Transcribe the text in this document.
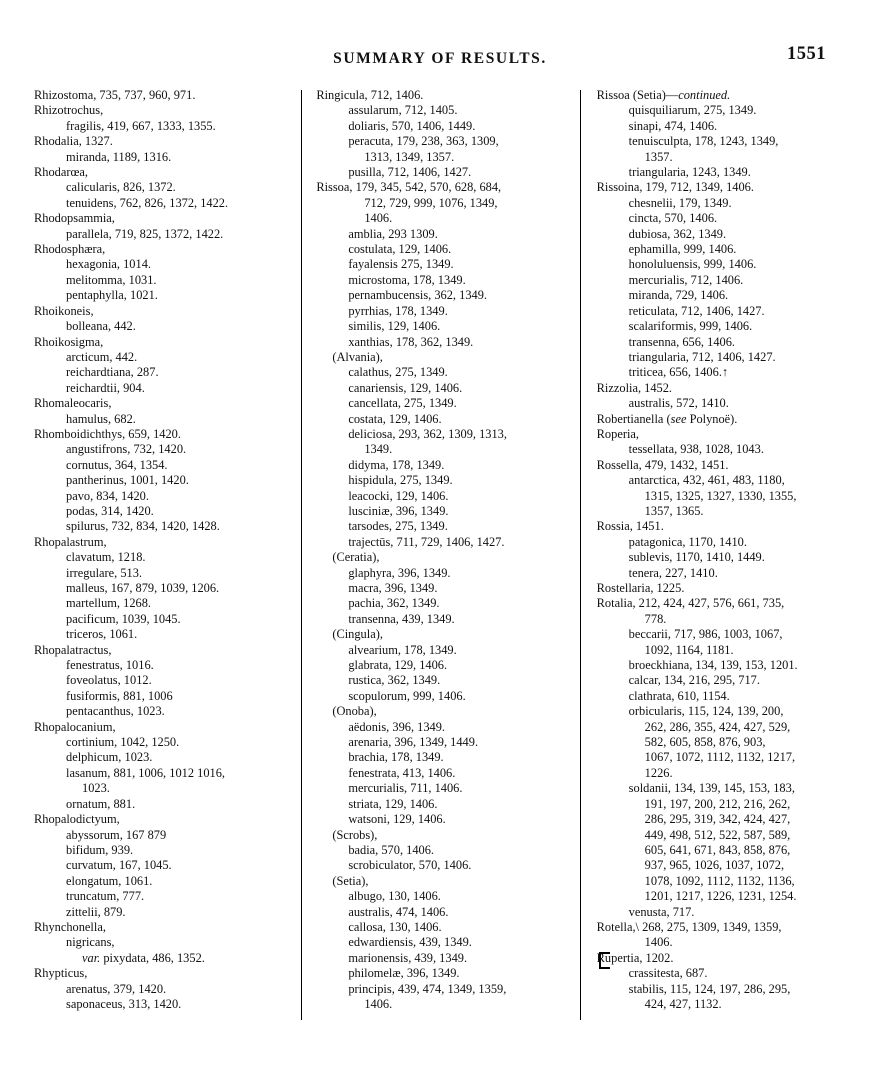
SUMMARY OF RESULTS.	1551
Rhizostoma, 735, 737, 960, 971.
Rhizotrochus,
fragilis, 419, 667, 1333, 1355.
Rhodalia, 1327.
miranda, 1189, 1316.
Rhodarœa,
calicularis, 826, 1372.
tenuidens, 762, 826, 1372, 1422.
Rhodopsammia,
parallela, 719, 825, 1372, 1422.
Rhodosphæra,
hexagonia, 1014.
melitomma, 1031.
pentaphylla, 1021.
Rhoikoneis,
bolleana, 442.
Rhoikosigma,
arcticum, 442.
reichardtiana, 287.
reichardtii, 904.
Rhomaleocaris,
hamulus, 682.
Rhomboidichthys, 659, 1420.
angustifrons, 732, 1420.
cornutus, 364, 1354.
pantherinus, 1001, 1420.
pavo, 834, 1420.
podas, 314, 1420.
spilurus, 732, 834, 1420, 1428.
Rhopalastrum,
clavatum, 1218.
irregulare, 513.
malleus, 167, 879, 1039, 1206.
martellum, 1268.
pacificum, 1039, 1045.
triceros, 1061.
Rhopalatractus,
fenestratus, 1016.
foveolatus, 1012.
fusiformis, 881, 1006
pentacanthus, 1023.
Rhopalocanium,
cortinium, 1042, 1250.
delphicum, 1023.
lasanum, 881, 1006, 1012 1016,
1023.
ornatum, 881.
Rhopalodictyum,
abyssorum, 167 879
bifidum, 939.
curvatum, 167, 1045.
elongatum, 1061.
truncatum, 777.
zittelii, 879.
Rhynchonella,
nigricans,
var. pixydata, 486, 1352.
Rhypticus,
arenatus, 379, 1420.
saponaceus, 313, 1420.
Ringicula, 712, 1406.
assularum, 712, 1405.
doliaris, 570, 1406, 1449.
peracuta, 179, 238, 363, 1309,
1313, 1349, 1357.
pusilla, 712, 1406, 1427.
Rissoa, 179, 345, 542, 570, 628, 684,
712, 729, 999, 1076, 1349,
1406.
amblia, 293 1309.
costulata, 129, 1406.
fayalensis 275, 1349.
microstoma, 178, 1349.
pernambucensis, 362, 1349.
pyrrhias, 178, 1349.
similis, 129, 1406.
xanthias, 178, 362, 1349.
(Alvania),
calathus, 275, 1349.
canariensis, 129, 1406.
cancellata, 275, 1349.
costata, 129, 1406.
deliciosa, 293, 362, 1309, 1313,
1349.
didyma, 178, 1349.
hispidula, 275, 1349.
leacocki, 129, 1406.
lusciniæ, 396, 1349.
tarsodes, 275, 1349.
trajectūs, 711, 729, 1406, 1427.
(Ceratia),
glaphyra, 396, 1349.
macra, 396, 1349.
pachia, 362, 1349.
transenna, 439, 1349.
(Cingula),
alvearium, 178, 1349.
glabrata, 129, 1406.
rustica, 362, 1349.
scopulorum, 999, 1406.
(Onoba),
aëdonis, 396, 1349.
arenaria, 396, 1349, 1449.
brachia, 178, 1349.
fenestrata, 413, 1406.
mercurialis, 711, 1406.
striata, 129, 1406.
watsoni, 129, 1406.
(Scrobs),
badia, 570, 1406.
scrobiculator, 570, 1406.
(Setia),
albugo, 130, 1406.
australis, 474, 1406.
callosa, 130, 1406.
edwardiensis, 439, 1349.
marionensis, 439, 1349.
philomelæ, 396, 1349.
principis, 439, 474, 1349, 1359,
1406.
Rissoa (Setia)—continued.
quisquiliarum, 275, 1349.
sinapi, 474, 1406.
tenuisculpta, 178, 1243, 1349,
1357.
triangularia, 1243, 1349.
Rissoina, 179, 712, 1349, 1406.
chesnelii, 179, 1349.
cincta, 570, 1406.
dubiosa, 362, 1349.
ephamilla, 999, 1406.
honoluluensis, 999, 1406.
mercurialis, 712, 1406.
miranda, 729, 1406.
reticulata, 712, 1406, 1427.
scalariformis, 999, 1406.
transenna, 656, 1406.
triangularia, 712, 1406, 1427.
triticea, 656, 1406.↑
Rizzolia, 1452.
australis, 572, 1410.
Robertianella (see Polynoë).
Roperia,
tessellata, 938, 1028, 1043.
Rossella, 479, 1432, 1451.
antarctica, 432, 461, 483, 1180,
1315, 1325, 1327, 1330, 1355,
1357, 1365.
Rossia, 1451.
patagonica, 1170, 1410.
sublevis, 1170, 1410, 1449.
tenera, 227, 1410.
Rostellaria, 1225.
Rotalia, 212, 424, 427, 576, 661, 735,
778.
beccarii, 717, 986, 1003, 1067,
1092, 1164, 1181.
broeckhiana, 134, 139, 153, 1201.
calcar, 134, 216, 295, 717.
clathrata, 610, 1154.
orbicularis, 115, 124, 139, 200,
262, 286, 355, 424, 427, 529,
582, 605, 858, 876, 903,
1067, 1072, 1112, 1132, 1217,
1226.
soldanii, 134, 139, 145, 153, 183,
191, 197, 200, 212, 216, 262,
286, 295, 319, 342, 424, 427,
449, 498, 512, 522, 587, 589,
605, 641, 671, 843, 858, 876,
937, 965, 1026, 1037, 1072,
1078, 1092, 1112, 1132, 1136,
1201, 1217, 1226, 1231, 1254.
venusta, 717.
Rotella,\ 268, 275, 1309, 1349, 1359,
1406.
Rupertia, 1202.
crassitesta, 687.
stabilis, 115, 124, 197, 286, 295,
424, 427, 1132.
